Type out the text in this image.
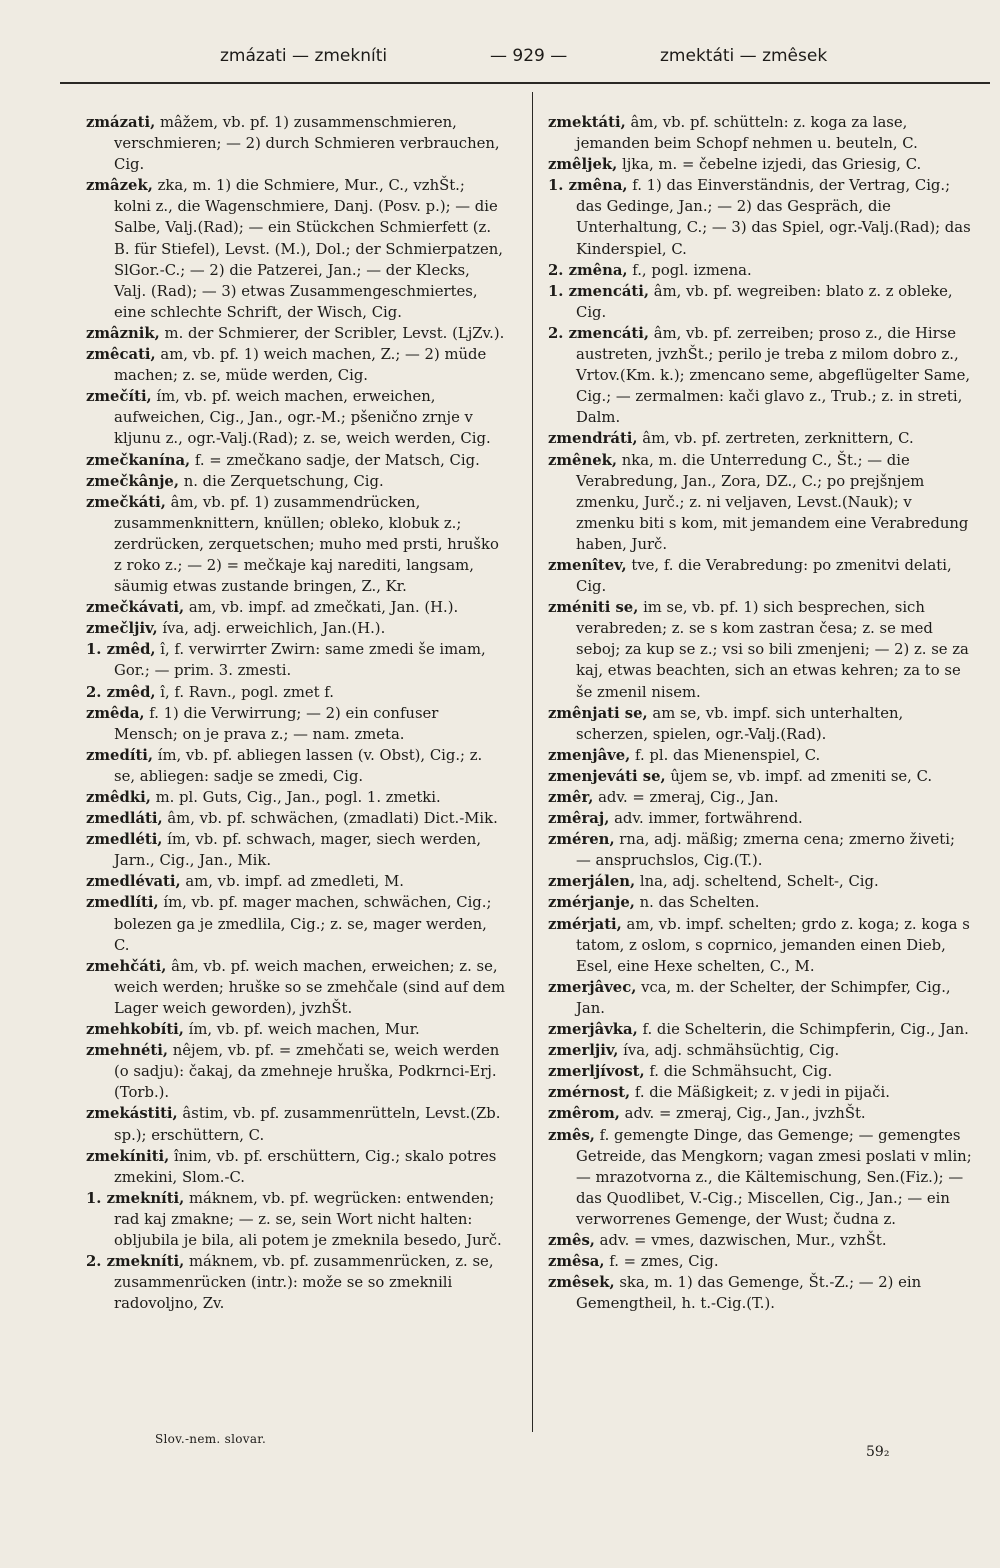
zmázati — zmekníti	— 929 —	zmektáti — zmêsek

zmázati, mâžem, vb. pf. 1) zusammenschmieren, verschmieren; — 2) durch Schmieren verbrauchen, Cig.

zmâzek, zka, m. 1) die Schmiere, Mur., C., vzhŠt.; kolni z., die Wagenschmiere, Danj. (Posv. p.); — die Salbe, Valj.(Rad); — ein Stückchen Schmierfett (z. B. für Stiefel), Levst. (M.), Dol.; der Schmierpatzen, SlGor.-C.; — 2) die Patzerei, Jan.; — der Klecks, Valj. (Rad); — 3) etwas Zusammengeschmiertes, eine schlechte Schrift, der Wisch, Cig.

zmâznik, m. der Schmierer, der Scribler, Levst. (LjZv.).

zmêcati, am, vb. pf. 1) weich machen, Z.; — 2) müde machen; z. se, müde werden, Cig.

zmečíti, ím, vb. pf. weich machen, erweichen, aufweichen, Cig., Jan., ogr.-M.; pšenično zrnje v kljunu z., ogr.-Valj.(Rad); z. se, weich werden, Cig.

zmečkanína, f. = zmečkano sadje, der Matsch, Cig.

zmečkânje, n. die Zerquetschung, Cig.

zmečkáti, âm, vb. pf. 1) zusammendrücken, zusammenknittern, knüllen; obleko, klobuk z.; zerdrücken, zerquetschen; muho med prsti, hruško z roko z.; — 2) = mečkaje kaj narediti, langsam, säumig etwas zustande bringen, Z., Kr.

zmečkávati, am, vb. impf. ad zmečkati, Jan. (H.).

zmečljiv, íva, adj. erweichlich, Jan.(H.).

1. zmêd, î, f. verwirrter Zwirn: same zmedi še imam, Gor.; — prim. 3. zmesti.

2. zmêd, î, f. Ravn., pogl. zmet f.

zmêda, f. 1) die Verwirrung; — 2) ein confuser Mensch; on je prava z.; — nam. zmeta.

zmedíti, ím, vb. pf. abliegen lassen (v. Obst), Cig.; z. se, abliegen: sadje se zmedi, Cig.

zmêdki, m. pl. Guts, Cig., Jan., pogl. 1. zmetki.

zmedláti, âm, vb. pf. schwächen, (zmadlati) Dict.-Mik.

zmedléti, ím, vb. pf. schwach, mager, siech werden, Jarn., Cig., Jan., Mik.

zmedlévati, am, vb. impf. ad zmedleti, M.

zmedlíti, ím, vb. pf. mager machen, schwächen, Cig.; bolezen ga je zmedlila, Cig.; z. se, mager werden, C.

zmehčáti, âm, vb. pf. weich machen, erweichen; z. se, weich werden; hruške so se zmehčale (sind auf dem Lager weich geworden), jvzhŠt.

zmehkobíti, ím, vb. pf. weich machen, Mur.

zmehnéti, nêjem, vb. pf. = zmehčati se, weich werden (o sadju): čakaj, da zmehneje hruška, Podkrnci-Erj.(Torb.).

zmekástiti, âstim, vb. pf. zusammenrütteln, Levst.(Zb. sp.); erschüttern, C.

zmekíniti, înim, vb. pf. erschüttern, Cig.; skalo potres zmekini, Slom.-C.

1. zmekníti, máknem, vb. pf. wegrücken: entwenden; rad kaj zmakne; — z. se, sein Wort nicht halten: obljubila je bila, ali potem je zmeknila besedo, Jurč.

2. zmekníti, máknem, vb. pf. zusammenrücken, z. se, zusammenrücken (intr.): može se so zmeknili radovoljno, Zv.

zmektáti, âm, vb. pf. schütteln: z. koga za lase, jemanden beim Schopf nehmen u. beuteln, C.

zmêljek, ljka, m. = čebelne izjedi, das Griesig, C.

1. zmêna, f. 1) das Einverständnis, der Vertrag, Cig.; das Gedinge, Jan.; — 2) das Gespräch, die Unterhaltung, C.; — 3) das Spiel, ogr.-Valj.(Rad); das Kinderspiel, C.

2. zmêna, f., pogl. izmena.

1. zmencáti, âm, vb. pf. wegreiben: blato z. z obleke, Cig.

2. zmencáti, âm, vb. pf. zerreiben; proso z., die Hirse austreten, jvzhŠt.; perilo je treba z milom dobro z., Vrtov.(Km. k.); zmencano seme, abgeflügelter Same, Cig.; — zermalmen: kači glavo z., Trub.; z. in streti, Dalm.

zmendráti, âm, vb. pf. zertreten, zerknittern, C.

zmênek, nka, m. die Unterredung C., Št.; — die Verabredung, Jan., Zora, DZ., C.; po prejšnjem zmenku, Jurč.; z. ni veljaven, Levst.(Nauk); v zmenku biti s kom, mit jemandem eine Verabredung haben, Jurč.

zmenîtev, tve, f. die Verabredung: po zmenitvi delati, Cig.

zméniti se, im se, vb. pf. 1) sich besprechen, sich verabreden; z. se s kom zastran česa; z. se med seboj; za kup se z.; vsi so bili zmenjeni; — 2) z. se za kaj, etwas beachten, sich an etwas kehren; za to se še zmenil nisem.

zmênjati se, am se, vb. impf. sich unterhalten, scherzen, spielen, ogr.-Valj.(Rad).

zmenjâve, f. pl. das Mienenspiel, C.

zmenjeváti se, ûjem se, vb. impf. ad zmeniti se, C.

zmêr, adv. = zmeraj, Cig., Jan.

zmêraj, adv. immer, fortwährend.

zméren, rna, adj. mäßig; zmerna cena; zmerno živeti; — anspruchslos, Cig.(T.).

zmerjálen, lna, adj. scheltend, Schelt-, Cig.

zmérjanje, n. das Schelten.

zmérjati, am, vb. impf. schelten; grdo z. koga; z. koga s tatom, z oslom, s coprnico, jemanden einen Dieb, Esel, eine Hexe schelten, C., M.

zmerjâvec, vca, m. der Schelter, der Schimpfer, Cig., Jan.

zmerjâvka, f. die Schelterin, die Schimpferin, Cig., Jan.

zmerljiv, íva, adj. schmähsüchtig, Cig.

zmerljívost, f. die Schmähsucht, Cig.

zmérnost, f. die Mäßigkeit; z. v jedi in pijači.

zmêrom, adv. = zmeraj, Cig., Jan., jvzhŠt.

zmês, f. gemengte Dinge, das Gemenge; — gemengtes Getreide, das Mengkorn; vagan zmesi poslati v mlin; — mrazotvorna z., die Kältemischung, Sen.(Fiz.); — das Quodlibet, V.-Cig.; Miscellen, Cig., Jan.; — ein verworrenes Gemenge, der Wust; čudna z.

zmês, adv. = vmes, dazwischen, Mur., vzhŠt.

zmêsa, f. = zmes, Cig.

zmêsek, ska, m. 1) das Gemenge, Št.-Z.; — 2) ein Gemengtheil, h. t.-Cig.(T.).

Slov.-nem. slovar.
59₂
